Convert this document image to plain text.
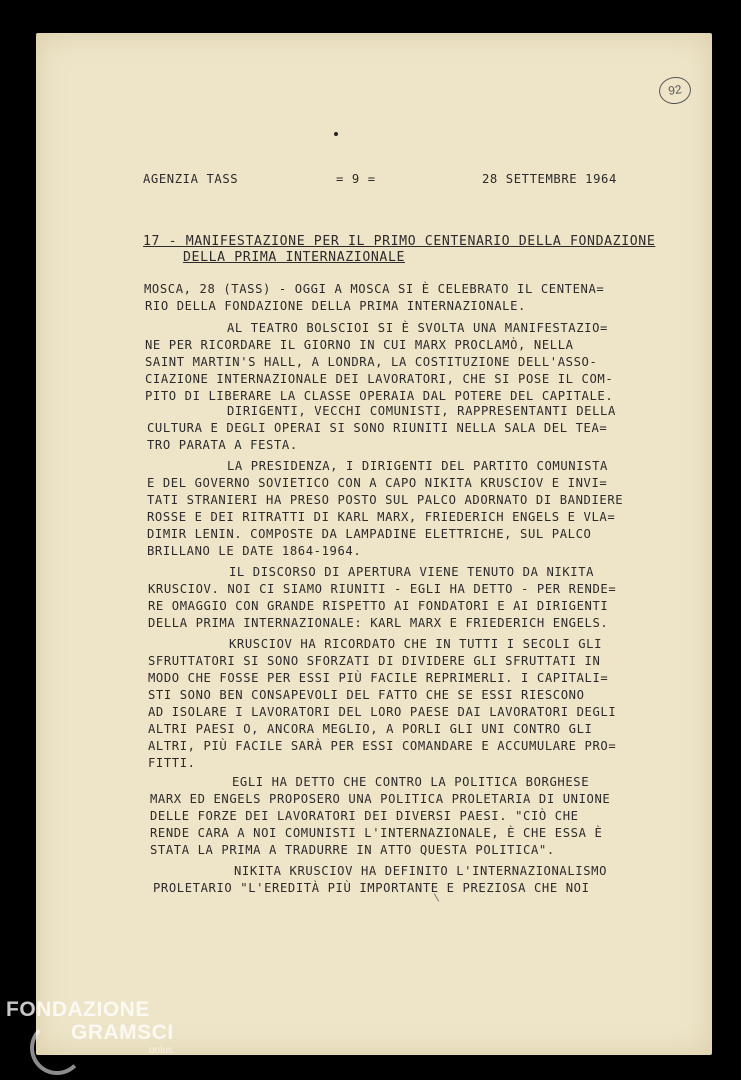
92

AGENZIA TASS

	= 9 =

	28 SETTEMBRE 1964

17 - MANIFESTAZIONE PER IL PRIMO CENTENARIO DELLA FONDAZIONE
DELLA PRIMA INTERNAZIONALE
MOSCA, 28 (TASS) - OGGI A MOSCA SI È CELEBRATO IL CENTENA=
RIO DELLA FONDAZIONE DELLA PRIMA INTERNAZIONALE.
AL TEATRO BOLSCIOI SI È SVOLTA UNA MANIFESTAZIO=
NE PER RICORDARE IL GIORNO IN CUI MARX PROCLAMÒ, NELLA
SAINT MARTIN'S HALL, A LONDRA, LA COSTITUZIONE DELL'ASSO-
CIAZIONE INTERNAZIONALE DEI LAVORATORI, CHE SI POSE IL COM-
PITO DI LIBERARE LA CLASSE OPERAIA DAL POTERE DEL CAPITALE.
DIRIGENTI, VECCHI COMUNISTI, RAPPRESENTANTI DELLA
CULTURA E DEGLI OPERAI SI SONO RIUNITI NELLA SALA DEL TEA=
TRO PARATA A FESTA.
LA PRESIDENZA, I DIRIGENTI DEL PARTITO COMUNISTA
E DEL GOVERNO SOVIETICO CON A CAPO NIKITA KRUSCIOV E INVI=
TATI STRANIERI HA PRESO POSTO SUL PALCO ADORNATO DI BANDIERE
ROSSE E DEI RITRATTI DI KARL MARX, FRIEDERICH ENGELS E VLA=
DIMIR LENIN. COMPOSTE DA LAMPADINE ELETTRICHE, SUL PALCO
BRILLANO LE DATE 1864-1964.
IL DISCORSO DI APERTURA VIENE TENUTO DA NIKITA
KRUSCIOV. NOI CI SIAMO RIUNITI - EGLI HA DETTO - PER RENDE=
RE OMAGGIO CON GRANDE RISPETTO AI FONDATORI E AI DIRIGENTI
DELLA PRIMA INTERNAZIONALE: KARL MARX E FRIEDERICH ENGELS.
KRUSCIOV HA RICORDATO CHE IN TUTTI I SECOLI GLI
SFRUTTATORI SI SONO SFORZATI DI DIVIDERE GLI SFRUTTATI IN
MODO CHE FOSSE PER ESSI PIÙ FACILE REPRIMERLI. I CAPITALI=
STI SONO BEN CONSAPEVOLI DEL FATTO CHE SE ESSI RIESCONO
AD ISOLARE I LAVORATORI DEL LORO PAESE DAI LAVORATORI DEGLI
ALTRI PAESI O, ANCORA MEGLIO, A PORLI GLI UNI CONTRO GLI
ALTRI, PIÙ FACILE SARÀ PER ESSI COMANDARE E ACCUMULARE PRO=
FITTI.
EGLI HA DETTO CHE CONTRO LA POLITICA BORGHESE
MARX ED ENGELS PROPOSERO UNA POLITICA PROLETARIA DI UNIONE
DELLE FORZE DEI LAVORATORI DEI DIVERSI PAESI. "CIÒ CHE
RENDE CARA A NOI COMUNISTI L'INTERNAZIONALE, È CHE ESSA È
STATA LA PRIMA A TRADURRE IN ATTO QUESTA POLITICA".
NIKITA KRUSCIOV HA DEFINITO L'INTERNAZIONALISMO
PROLETARIO "L'EREDITÀ PIÙ IMPORTANTE E PREZIOSA CHE NOI
FONDAZIONE
GRAMSCI
onlus
